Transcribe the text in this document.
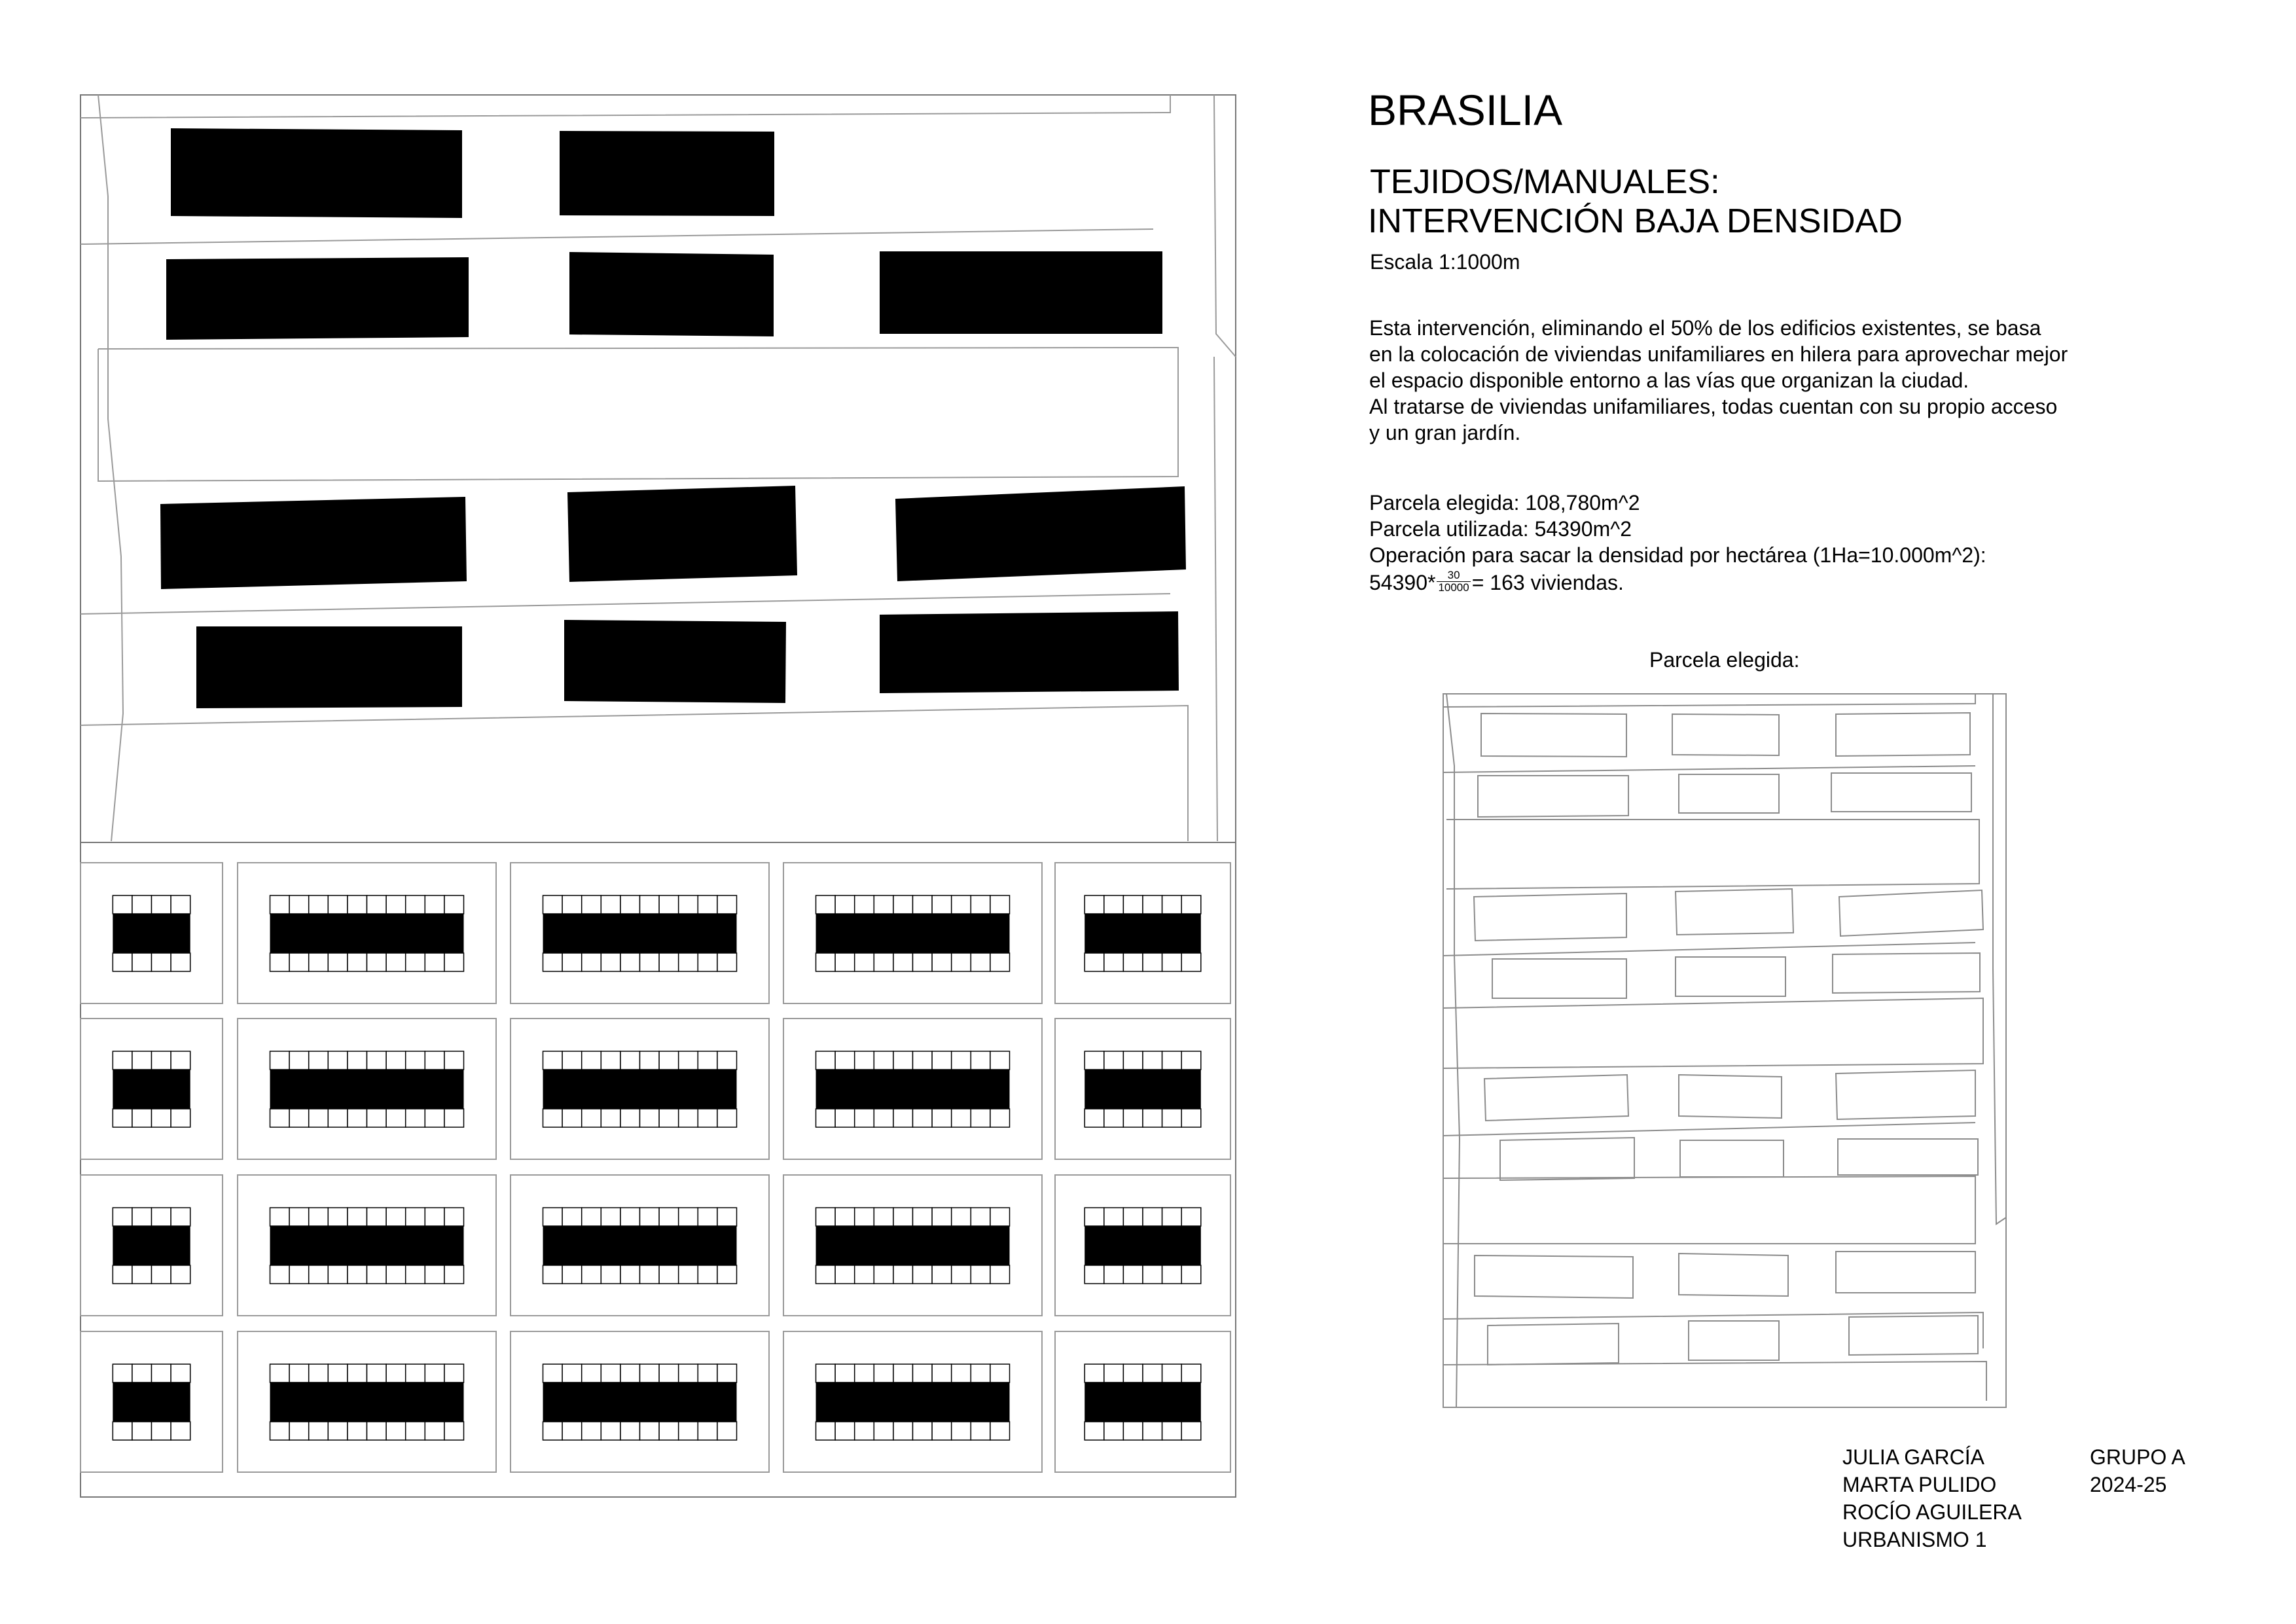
BRASILIA
TEJIDOS/MANUALES:
INTERVENCIÓN BAJA DENSIDAD
Escala 1:1000m
Esta intervención, eliminando el 50% de los edificios existentes, se basa
en la colocación de viviendas unifamiliares en hilera para aprovechar mejor
el espacio disponible entorno a las vías que organizan la ciudad.
Al tratarse de viviendas unifamiliares, todas cuentan con su propio acceso
y un gran jardín.
Parcela elegida: 108,780m^2
Parcela utilizada: 54390m^2
Operación para sacar la densidad por hectárea (1Ha=10.000m^2):
$54390* \frac{30}{10000} = 163$ viviendas.
Parcela elegida:
JULIA GARCÍA
MARTA PULIDO
ROCÍO AGUILERA
URBANISMO 1
GRUPO A
2024-25
